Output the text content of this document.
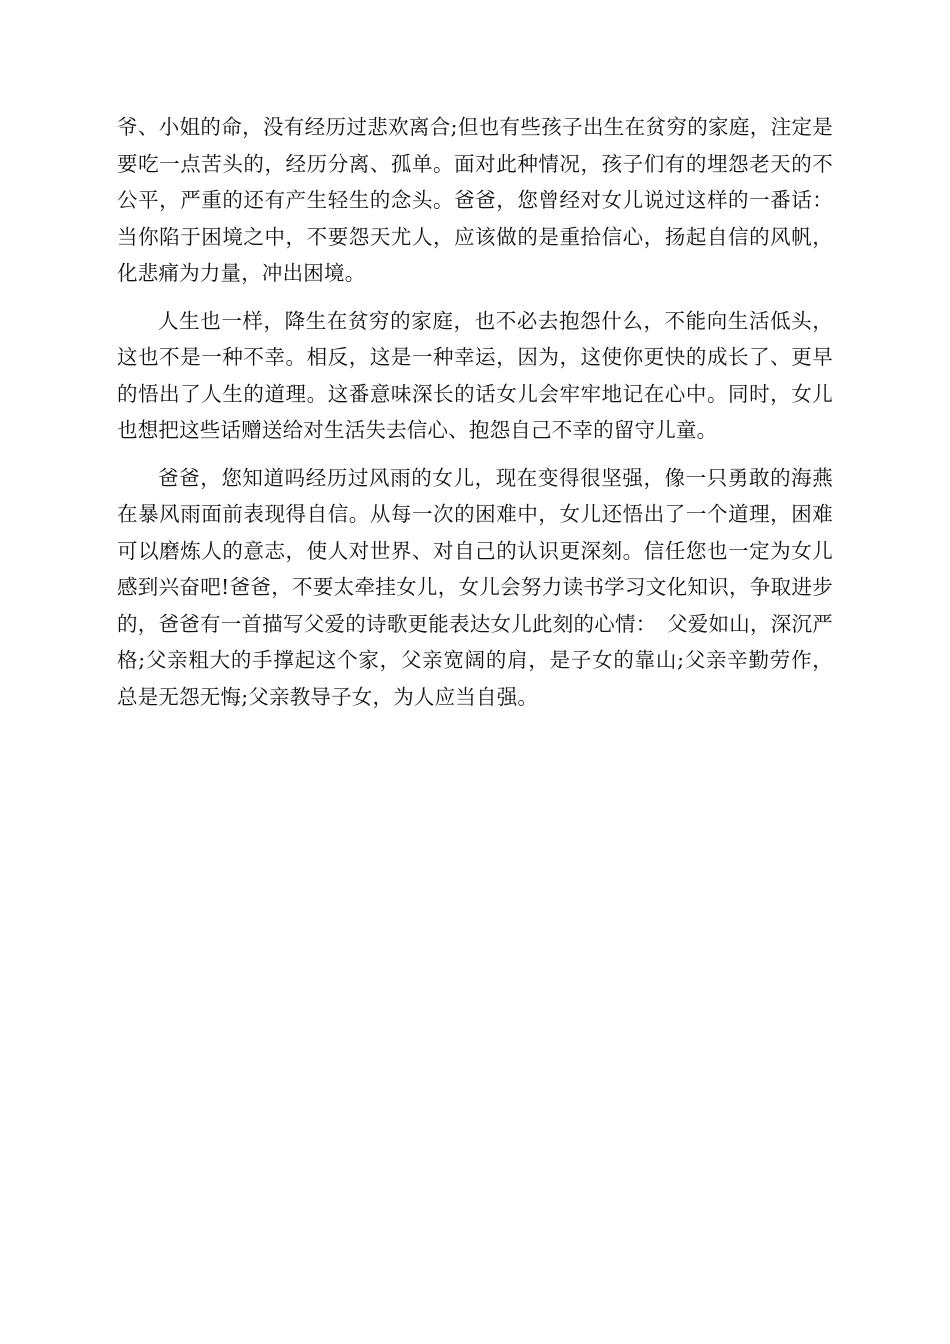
爷、小姐的命，没有经历过悲欢离合;但也有些孩子出生在贫穷的家庭，注定是要吃一点苦头的，经历分离、孤单。面对此种情况，孩子们有的埋怨老天的不公平，严重的还有产生轻生的念头。爸爸，您曾经对女儿说过这样的一番话：当你陷于困境之中，不要怨天尤人，应该做的是重拾信心，扬起自信的风帆，化悲痛为力量，冲出困境。

人生也一样，降生在贫穷的家庭，也不必去抱怨什么，不能向生活低头，这也不是一种不幸。相反，这是一种幸运，因为，这使你更快的成长了、更早的悟出了人生的道理。这番意味深长的话女儿会牢牢地记在心中。同时，女儿也想把这些话赠送给对生活失去信心、抱怨自己不幸的留守儿童。

爸爸，您知道吗经历过风雨的女儿，现在变得很坚强，像一只勇敢的海燕在暴风雨面前表现得自信。从每一次的困难中，女儿还悟出了一个道理，困难可以磨炼人的意志，使人对世界、对自己的认识更深刻。信任您也一定为女儿感到兴奋吧!爸爸，不要太牵挂女儿，女儿会努力读书学习文化知识，争取进步的，爸爸有一首描写父爱的诗歌更能表达女儿此刻的心情：　父爱如山，深沉严格;父亲粗大的手撑起这个家，父亲宽阔的肩，是子女的靠山;父亲辛勤劳作，总是无怨无悔;父亲教导子女，为人应当自强。
